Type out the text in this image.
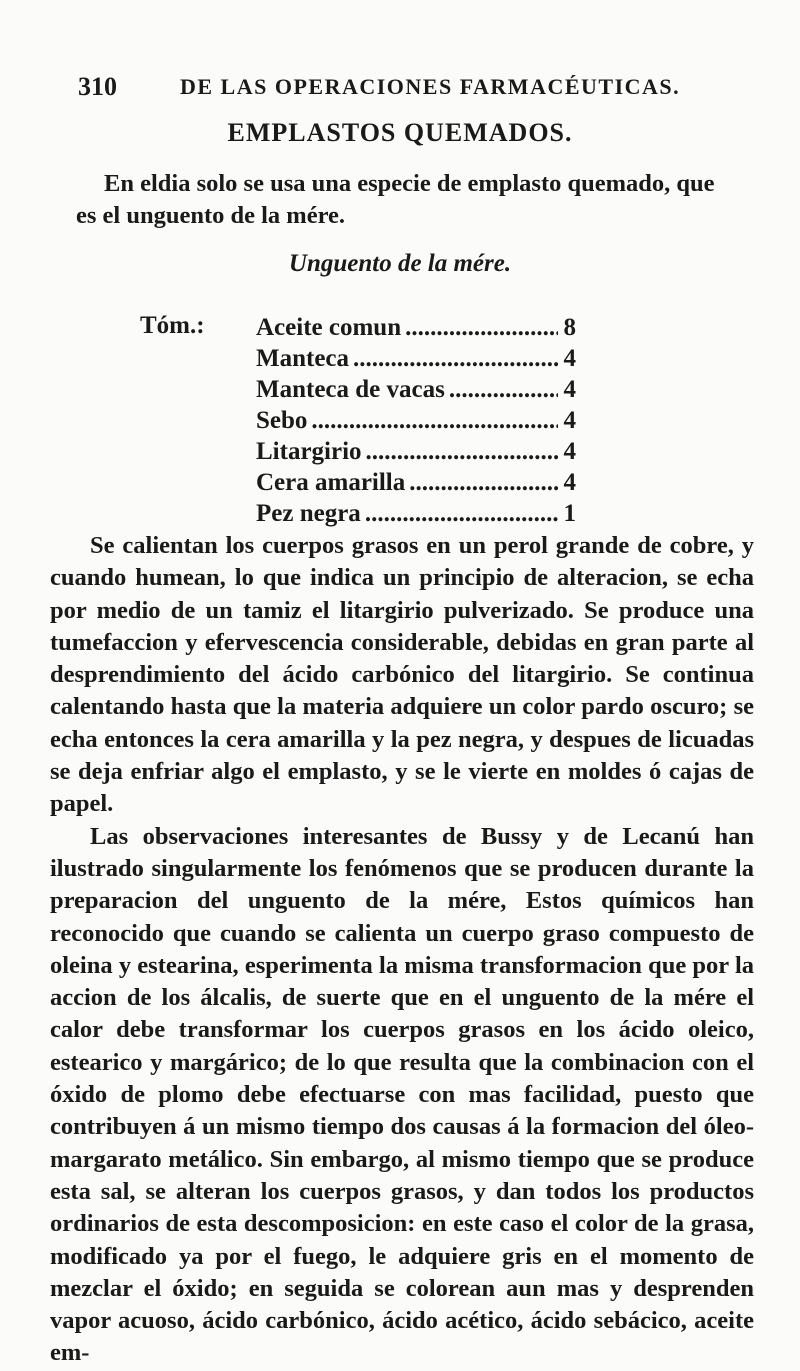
310	DE LAS OPERACIONES FARMACÉUTICAS.
EMPLASTOS QUEMADOS.

En eldia solo se usa una especie de emplasto quemado, que es el unguento de la mére.

Unguento de la mére.
Tóm.: Aceite comun .....	8
Manteca .....	4
Manteca de vacas .....	4
Sebo .....	4
Litargirio .....	4
Cera amarilla .....	4
Pez negra .....	1

Se calientan los cuerpos grasos en un perol grande de cobre, y cuando humean, lo que indica un principio de alteracion, se echa por medio de un tamiz el litargirio pulverizado. Se produce una tumefaccion y efervescencia considerable, debidas en gran parte al desprendimiento del ácido carbónico del litargirio. Se continua calentando hasta que la materia adquiere un color pardo oscuro; se echa entonces la cera amarilla y la pez negra, y despues de licuadas se deja enfriar algo el emplasto, y se le vierte en moldes ó cajas de papel.

Las observaciones interesantes de Bussy y de Lecanú han ilustrado singularmente los fenómenos que se producen durante la preparacion del unguento de la mére, Estos químicos han reconocido que cuando se calienta un cuerpo graso compuesto de oleina y estearina, esperimenta la misma transformacion que por la accion de los álcalis, de suerte que en el unguento de la mére el calor debe transformar los cuerpos grasos en los ácido oleico, estearico y margárico; de lo que resulta que la combinacion con el óxido de plomo debe efectuarse con mas facilidad, puesto que contribuyen á un mismo tiempo dos causas á la formacion del óleo-margarato metálico. Sin embargo, al mismo tiempo que se produce esta sal, se alteran los cuerpos grasos, y dan todos los productos ordinarios de esta descomposicion: en este caso el color de la grasa, modificado ya por el fuego, le adquiere gris en el momento de mezclar el óxido; en seguida se colorean aun mas y desprenden vapor acuoso, ácido carbónico, ácido acético, ácido sebácico, aceite em-
